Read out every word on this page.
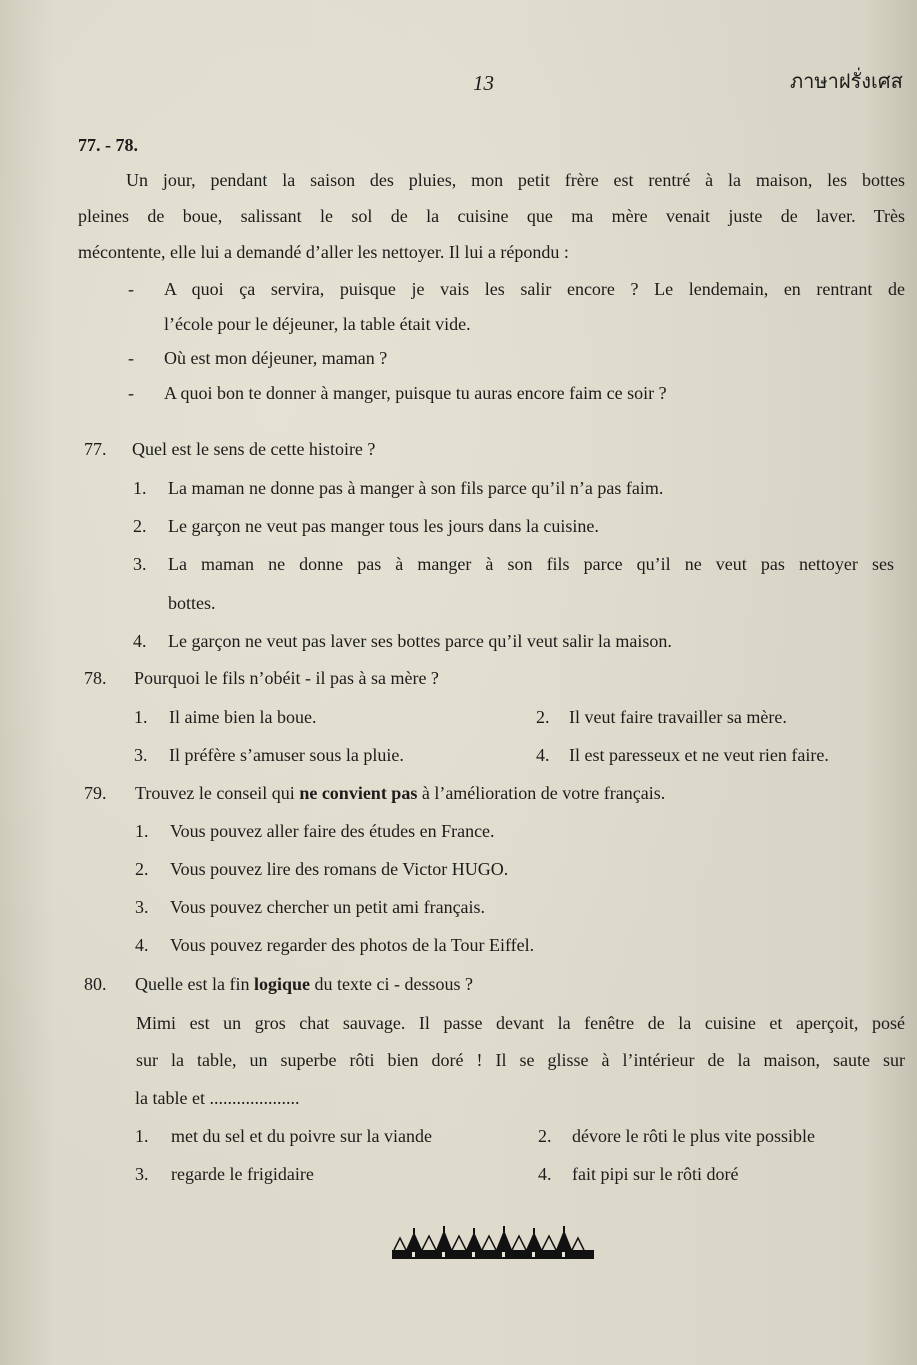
13	ภาษาฝรั่งเศส
77. - 78.
Un jour, pendant la saison des pluies, mon petit frère est rentré à la maison, les bottes
pleines de boue, salissant le sol de la cuisine que ma mère venait juste de laver. Très
mécontente, elle lui a demandé d’aller les nettoyer. Il lui a répondu :
- A quoi ça servira, puisque je vais les salir encore ? Le lendemain, en rentrant de
l’école pour le déjeuner, la table était vide.
- Où est mon déjeuner, maman ?
- A quoi bon te donner à manger, puisque tu auras encore faim ce soir ?
77. Quel est le sens de cette histoire ?
1. La maman ne donne pas à manger à son fils parce qu’il n’a pas faim.
2. Le garçon ne veut pas manger tous les jours dans la cuisine.
3. La maman ne donne pas à manger à son fils parce qu’il ne veut pas nettoyer ses
bottes.
4. Le garçon ne veut pas laver ses bottes parce qu’il veut salir la maison.
78. Pourquoi le fils n’obéit - il pas à sa mère ?
1. Il aime bien la boue.	2. Il veut faire travailler sa mère.
3. Il préfère s’amuser sous la pluie.	4. Il est paresseux et ne veut rien faire.
79. Trouvez le conseil qui ne convient pas à l’amélioration de votre français.
1. Vous pouvez aller faire des études en France.
2. Vous pouvez lire des romans de Victor HUGO.
3. Vous pouvez chercher un petit ami français.
4. Vous pouvez regarder des photos de la Tour Eiffel.
80. Quelle est la fin logique du texte ci - dessous ?
Mimi est un gros chat sauvage. Il passe devant la fenêtre de la cuisine et aperçoit, posé
sur la table, un superbe rôti bien doré ! Il se glisse à l’intérieur de la maison, saute sur
la table et ....................
1. met du sel et du poivre sur la viande	2. dévore le rôti le plus vite possible
3. regarde le frigidaire	4. fait pipi sur le rôti doré
